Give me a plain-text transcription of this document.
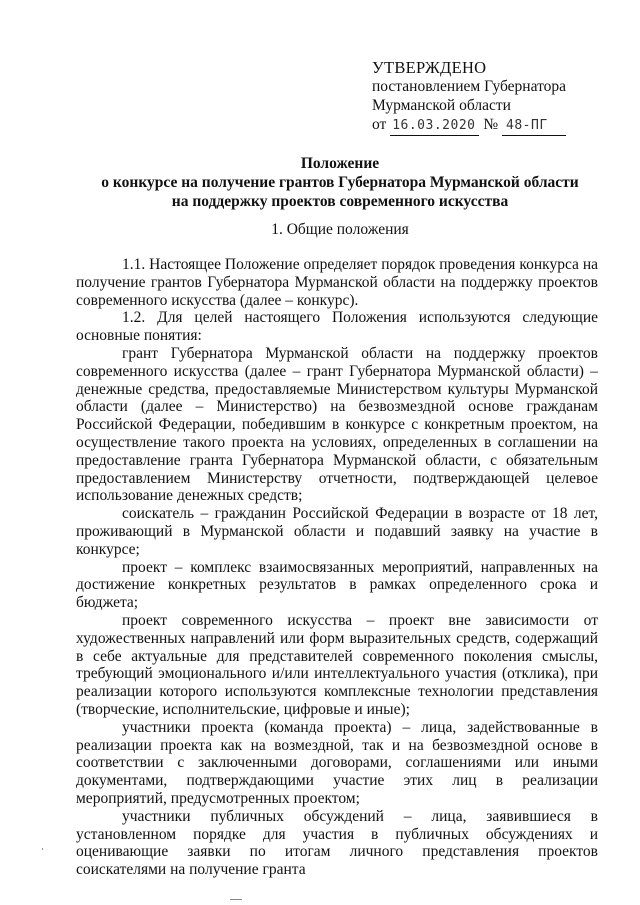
УТВЕРЖДЕНО
постановлением Губернатора
Мурманской области
от 16.03.2020 № 48-ПГ
Положение
о конкурсе на получение грантов Губернатора Мурманской области
на поддержку проектов современного искусства
1. Общие положения

1.1. Настоящее Положение определяет порядок проведения конкурса на получение грантов Губернатора Мурманской области на поддержку проектов современного искусства (далее – конкурс).

1.2. Для целей настоящего Положения используются следующие основные понятия:

грант Губернатора Мурманской области на поддержку проектов современного искусства (далее – грант Губернатора Мурманской области) – денежные средства, предоставляемые Министерством культуры Мурманской области (далее – Министерство) на безвозмездной основе гражданам Российской Федерации, победившим в конкурсе с конкретным проектом, на осуществление такого проекта на условиях, определенных в соглашении на предоставление гранта Губернатора Мурманской области, с обязательным предоставлением Министерству отчетности, подтверждающей целевое использование денежных средств;

соискатель – гражданин Российской Федерации в возрасте от 18 лет, проживающий в Мурманской области и подавший заявку на участие в конкурсе;

проект – комплекс взаимосвязанных мероприятий, направленных на достижение конкретных результатов в рамках определенного срока и бюджета;

проект современного искусства – проект вне зависимости от художественных направлений или форм выразительных средств, содержащий в себе актуальные для представителей современного поколения смыслы, требующий эмоционального и/или интеллектуального участия (отклика), при реализации которого используются комплексные технологии представления (творческие, исполнительские, цифровые и иные);

участники проекта (команда проекта) – лица, задействованные в реализации проекта как на возмездной, так и на безвозмездной основе в соответствии с заключенными договорами, соглашениями или иными документами, подтверждающими участие этих лиц в реализации мероприятий, предусмотренных проектом;

участники публичных обсуждений – лица, заявившиеся в установленном порядке для участия в публичных обсуждениях и оценивающие заявки по итогам личного представления проектов соискателями на получение гранта
